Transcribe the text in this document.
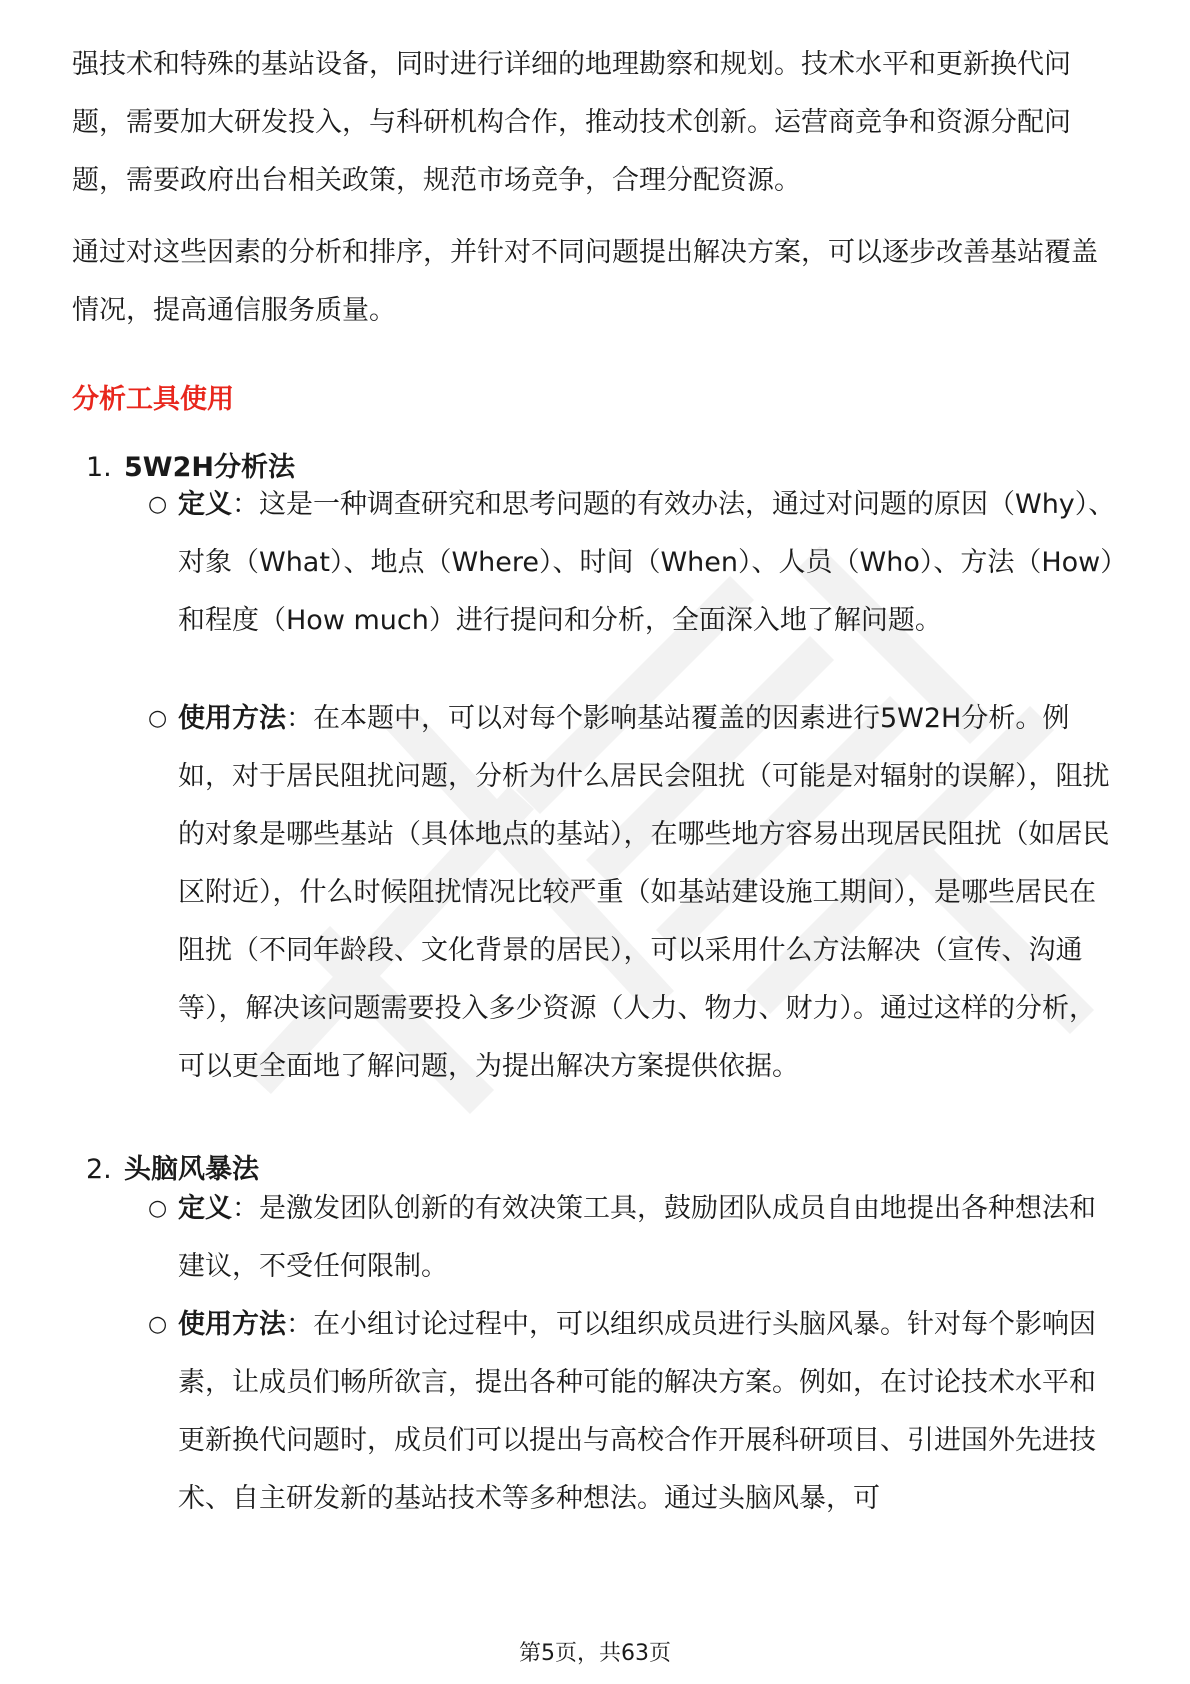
强技术和特殊的基站设备，同时进行详细的地理勘察和规划。技术水平和更新换代问题，需要加大研发投入，与科研机构合作，推动技术创新。运营商竞争和资源分配问题，需要政府出台相关政策，规范市场竞争，合理分配资源。

通过对这些因素的分析和排序，并针对不同问题提出解决方案，可以逐步改善基站覆盖情况，提高通信服务质量。

分析工具使用
1. 5W2H分析法
○ 定义：这是一种调查研究和思考问题的有效办法，通过对问题的原因（Why）、对象（What）、地点（Where）、时间（When）、人员（Who）、方法（How）和程度（How much）进行提问和分析，全面深入地了解问题。
○ 使用方法：在本题中，可以对每个影响基站覆盖的因素进行5W2H分析。例如，对于居民阻扰问题，分析为什么居民会阻扰（可能是对辐射的误解），阻扰的对象是哪些基站（具体地点的基站），在哪些地方容易出现居民阻扰（如居民区附近），什么时候阻扰情况比较严重（如基站建设施工期间），是哪些居民在阻扰（不同年龄段、文化背景的居民），可以采用什么方法解决（宣传、沟通等），解决该问题需要投入多少资源（人力、物力、财力）。通过这样的分析，可以更全面地了解问题，为提出解决方案提供依据。
2. 头脑风暴法
○ 定义：是激发团队创新的有效决策工具，鼓励团队成员自由地提出各种想法和建议，不受任何限制。
○ 使用方法：在小组讨论过程中，可以组织成员进行头脑风暴。针对每个影响因素，让成员们畅所欲言，提出各种可能的解决方案。例如，在讨论技术水平和更新换代问题时，成员们可以提出与高校合作开展科研项目、引进国外先进技术、自主研发新的基站技术等多种想法。通过头脑风暴，可
第5页，共63页
